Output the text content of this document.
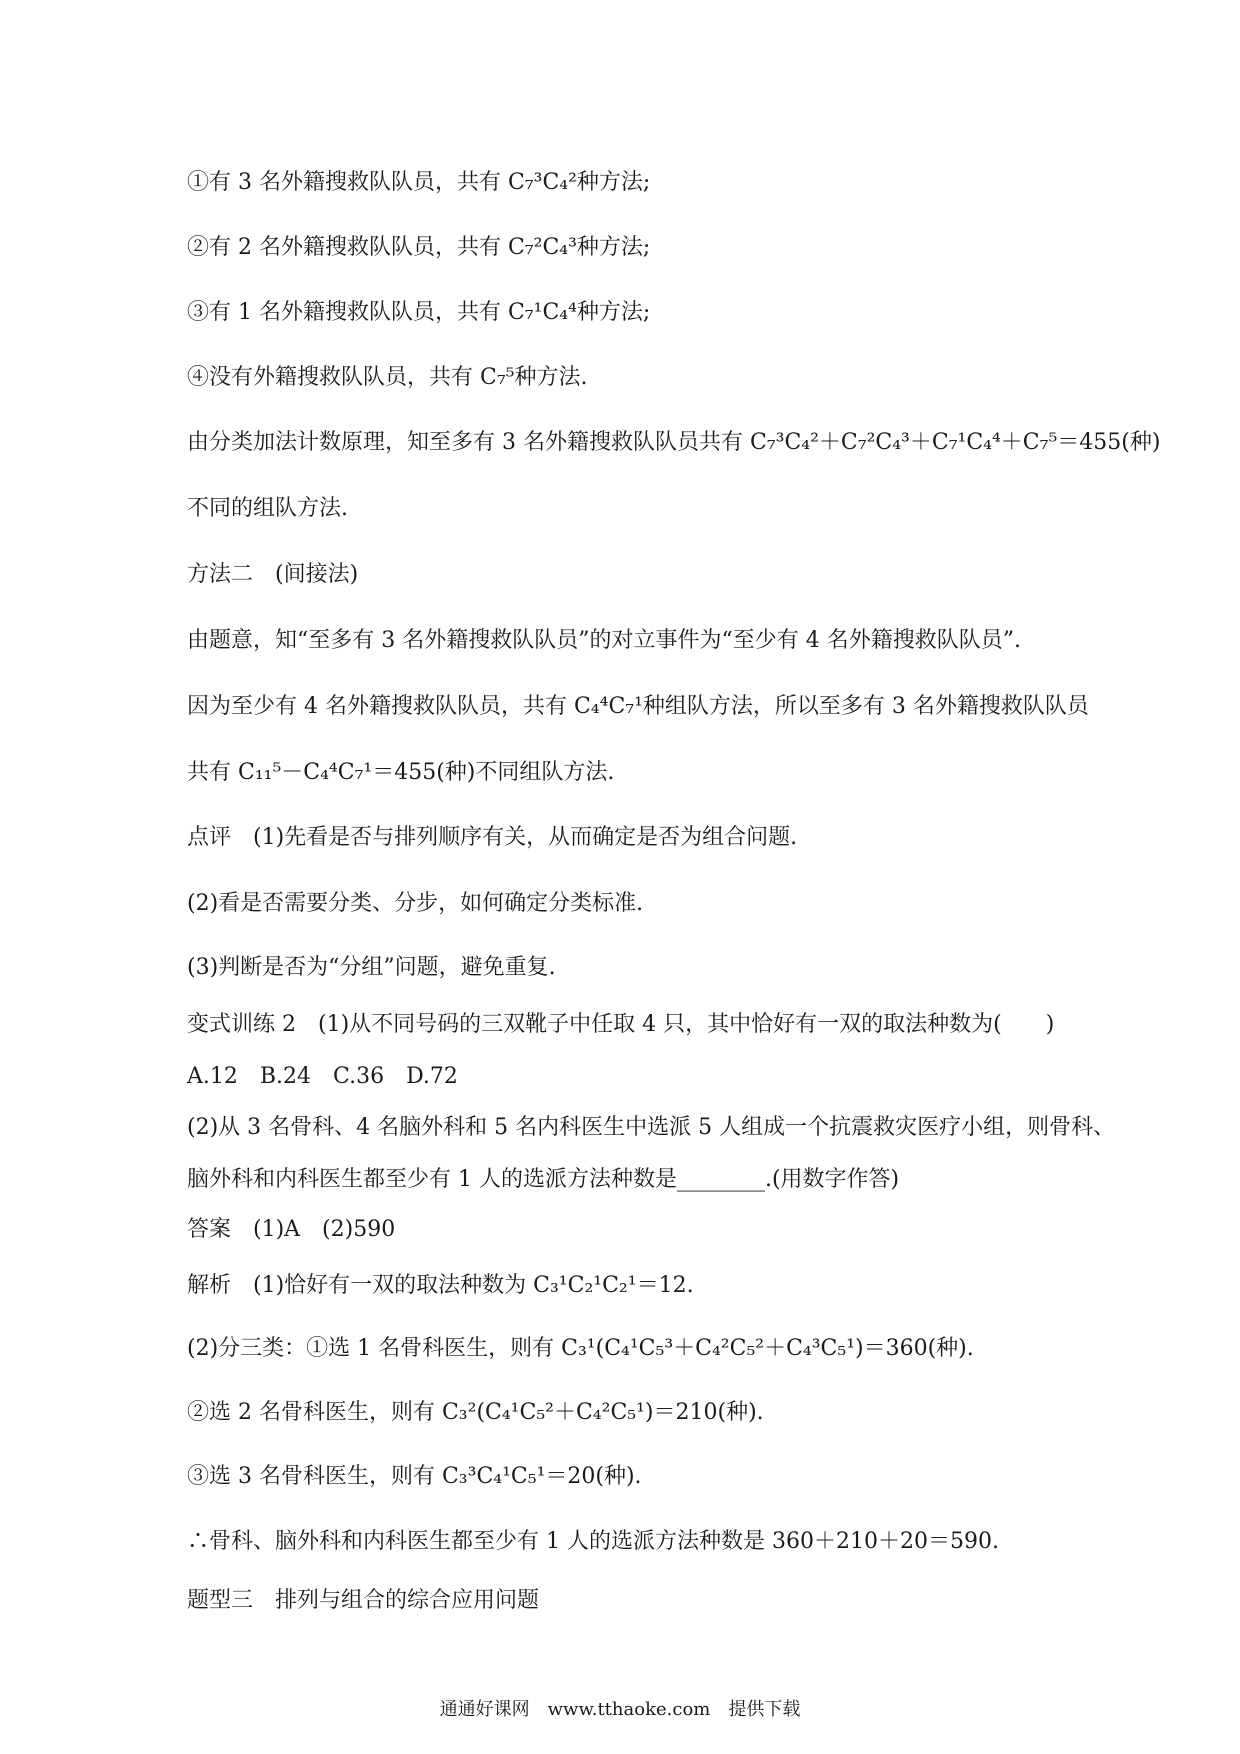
①有 3 名外籍搜救队队员，共有 C₇³C₄²种方法;
②有 2 名外籍搜救队队员，共有 C₇²C₄³种方法;
③有 1 名外籍搜救队队员，共有 C₇¹C₄⁴种方法;
④没有外籍搜救队队员，共有 C₇⁵种方法.
由分类加法计数原理，知至多有 3 名外籍搜救队队员共有 C₇³C₄²＋C₇²C₄³＋C₇¹C₄⁴＋C₇⁵＝455(种)
不同的组队方法.
方法二　(间接法)
由题意，知“至多有 3 名外籍搜救队队员”的对立事件为“至少有 4 名外籍搜救队队员”.
因为至少有 4 名外籍搜救队队员，共有 C₄⁴C₇¹种组队方法，所以至多有 3 名外籍搜救队队员
共有 C₁₁⁵－C₄⁴C₇¹＝455(种)不同组队方法.
点评　(1)先看是否与排列顺序有关，从而确定是否为组合问题.
(2)看是否需要分类、分步，如何确定分类标准.
(3)判断是否为“分组”问题，避免重复.
变式训练 2　(1)从不同号码的三双靴子中任取 4 只，其中恰好有一双的取法种数为(　　)
A.12　B.24　C.36　D.72
(2)从 3 名骨科、4 名脑外科和 5 名内科医生中选派 5 人组成一个抗震救灾医疗小组，则骨科、
脑外科和内科医生都至少有 1 人的选派方法种数是________.(用数字作答)
答案　(1)A　(2)590
解析　(1)恰好有一双的取法种数为 C₃¹C₂¹C₂¹＝12.
(2)分三类：①选 1 名骨科医生，则有 C₃¹(C₄¹C₅³＋C₄²C₅²＋C₄³C₅¹)＝360(种).
②选 2 名骨科医生，则有 C₃²(C₄¹C₅²＋C₄²C₅¹)＝210(种).
③选 3 名骨科医生，则有 C₃³C₄¹C₅¹＝20(种).
∴骨科、脑外科和内科医生都至少有 1 人的选派方法种数是 360＋210＋20＝590.
题型三　排列与组合的综合应用问题
通通好课网　www.tthaoke.com　提供下载
